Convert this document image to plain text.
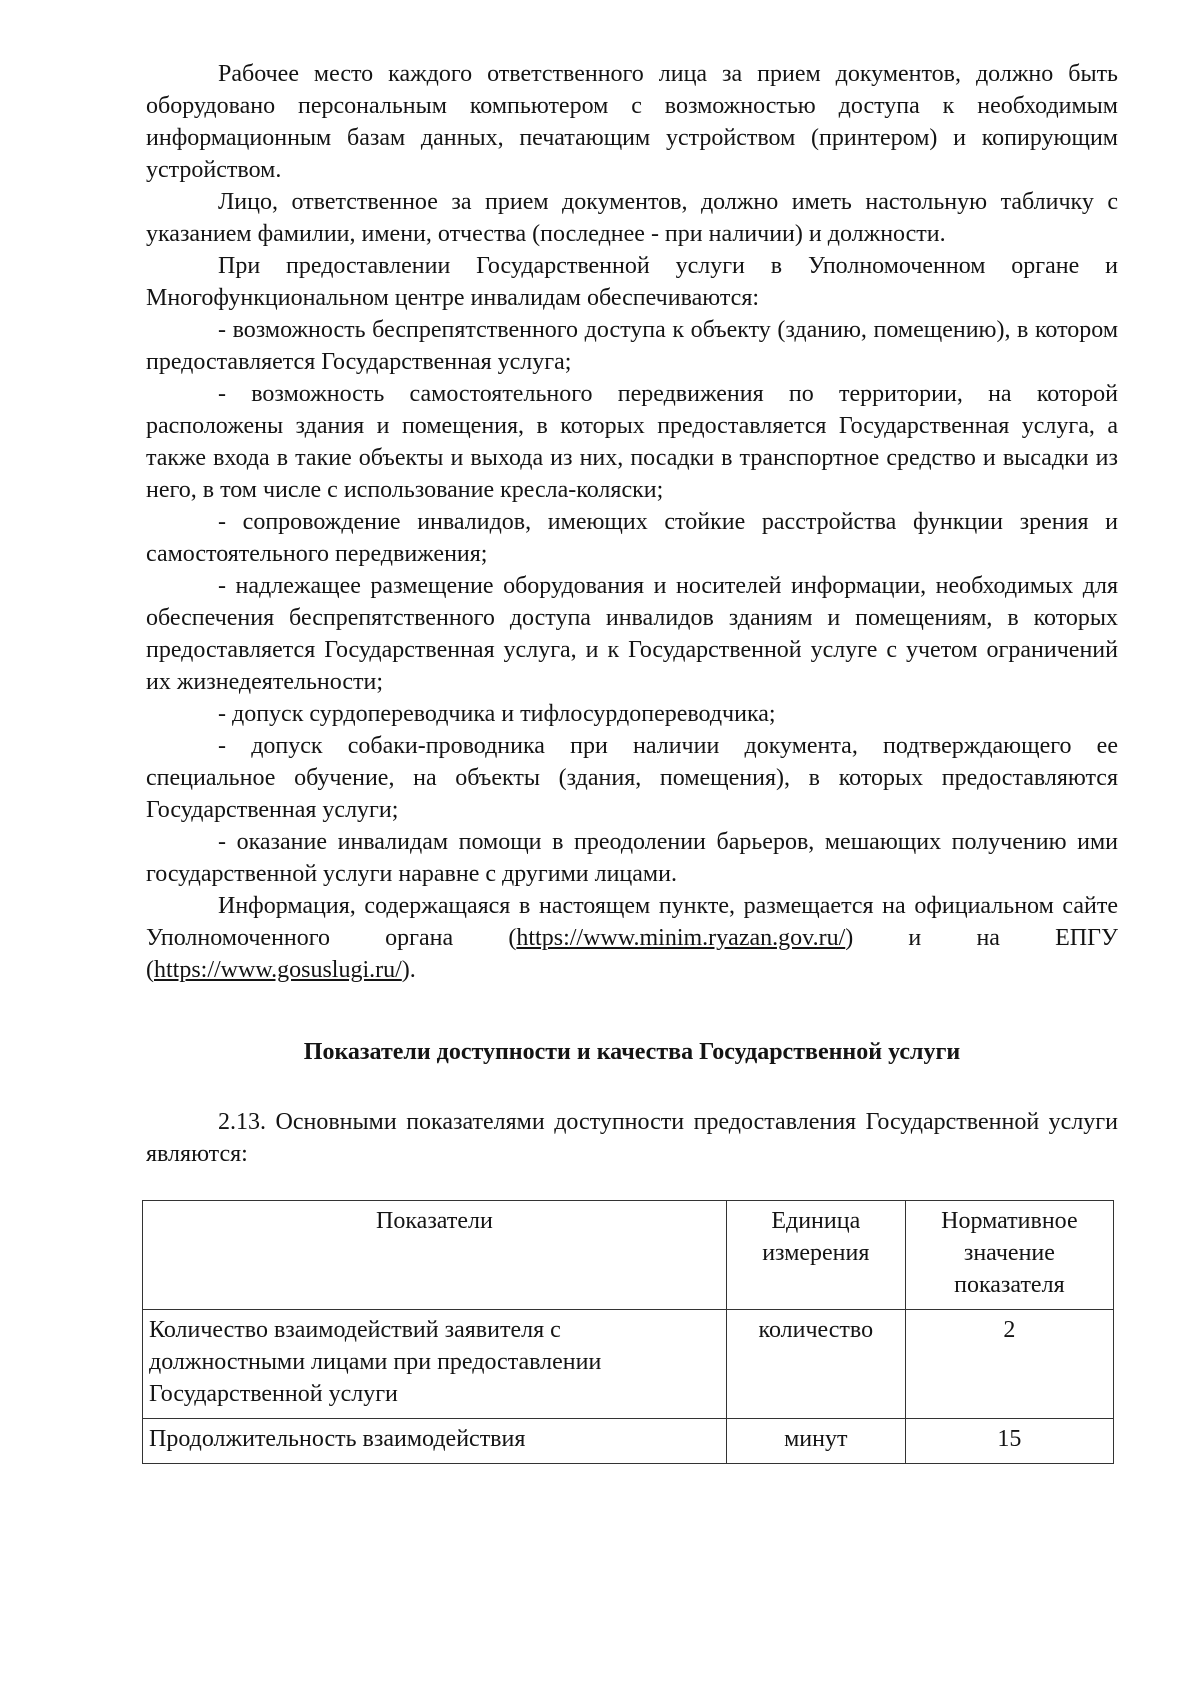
Рабочее место каждого ответственного лица за прием документов, должно быть оборудовано персональным компьютером с возможностью доступа к необходимым информационным базам данных, печатающим устройством (принтером) и копирующим устройством.

Лицо, ответственное за прием документов, должно иметь настольную табличку с указанием фамилии, имени, отчества (последнее - при наличии) и должности.

При предоставлении Государственной услуги в Уполномоченном органе и Многофункциональном центре инвалидам обеспечиваются:

- возможность беспрепятственного доступа к объекту (зданию, помещению), в котором предоставляется Государственная услуга;

- возможность самостоятельного передвижения по территории, на которой расположены здания и помещения, в которых предоставляется Государственная услуга, а также входа в такие объекты и выхода из них, посадки в транспортное средство и высадки из него, в том числе с использование кресла-коляски;

- сопровождение инвалидов, имеющих стойкие расстройства функции зрения и самостоятельного передвижения;

- надлежащее размещение оборудования и носителей информации, необходимых для обеспечения беспрепятственного доступа инвалидов зданиям и помещениям, в которых предоставляется Государственная услуга, и к Государственной услуге с учетом ограничений их жизнедеятельности;

- допуск сурдопереводчика и тифлосурдопереводчика;

- допуск собаки-проводника при наличии документа, подтверждающего ее специальное обучение, на объекты (здания, помещения), в которых предоставляются Государственная услуги;

- оказание инвалидам помощи в преодолении барьеров, мешающих получению ими государственной услуги наравне с другими лицами.

Информация, содержащаяся в настоящем пункте, размещается на официальном сайте Уполномоченного органа (https://www.minim.ryazan.gov.ru/) и на ЕПГУ (https://www.gosuslugi.ru/).

Показатели доступности и качества Государственной услуги

2.13. Основными показателями доступности предоставления Государственной услуги являются:

Показатели	Единица измерения	Нормативное значение показателя
Количество взаимодействий заявителя с должностными лицами при предоставлении Государственной услуги	количество	2
Продолжительность взаимодействия	минут	15
